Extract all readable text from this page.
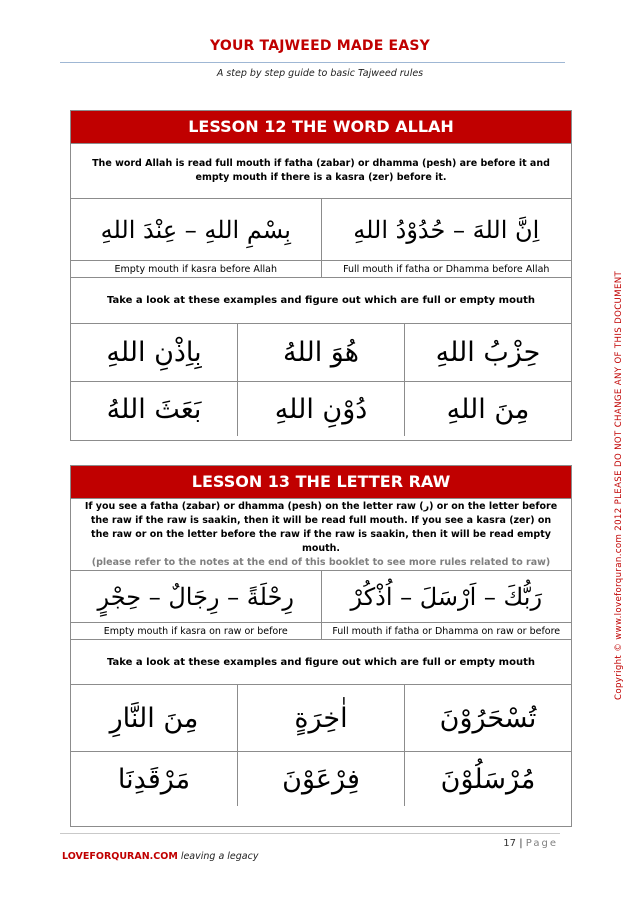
YOUR TAJWEED MADE EASY
A step by step guide to basic Tajweed rules
LESSON 12 THE WORD ALLAH
The word Allah is read full mouth if fatha (zabar) or dhamma (pesh) are before it and empty mouth if there is a kasra (zer) before it.
بِسْمِ اللهِ – عِنْدَ اللهِ	اِنَّ اللهَ – حُدُوْدُ اللهِ
Empty mouth if kasra before Allah	Full mouth if fatha or Dhamma before Allah
Take a look at these examples and figure out which are full or empty mouth
بِاِذْنِ اللهِ	هُوَ اللهُ	حِزْبُ اللهِ
بَعَثَ اللهُ	دُوْنِ اللهِ	مِنَ اللهِ
LESSON 13 THE LETTER RAW
If you see a fatha (zabar) or dhamma (pesh) on the letter raw (ر) or on the letter before the raw if the raw is saakin, then it will be read full mouth. If you see a kasra (zer) on the raw or on the letter before the raw if the raw is saakin, then it will be read empty mouth.
(please refer to the notes at the end of this booklet to see more rules related to raw)
رِحْلَةً – رِجَالٌ – حِجْرٍ	رَبُّكَ – اَرْسَلَ – اُذْكُرْ
Empty mouth if kasra on raw or before	Full mouth if fatha or Dhamma on raw or before
Take a look at these examples and figure out which are full or empty mouth
مِنَ النَّارِ	اٰخِرَةٍ	تُسْحَرُوْنَ
مَرْقَدِنَا	فِرْعَوْنَ	مُرْسَلُوْنَ
Copyright © www.loveforquran.com 2012 PLEASE DO NOT CHANGE ANY OF THIS DOCUMENT
17 | Page
LOVEFORQURAN.COM leaving a legacy
